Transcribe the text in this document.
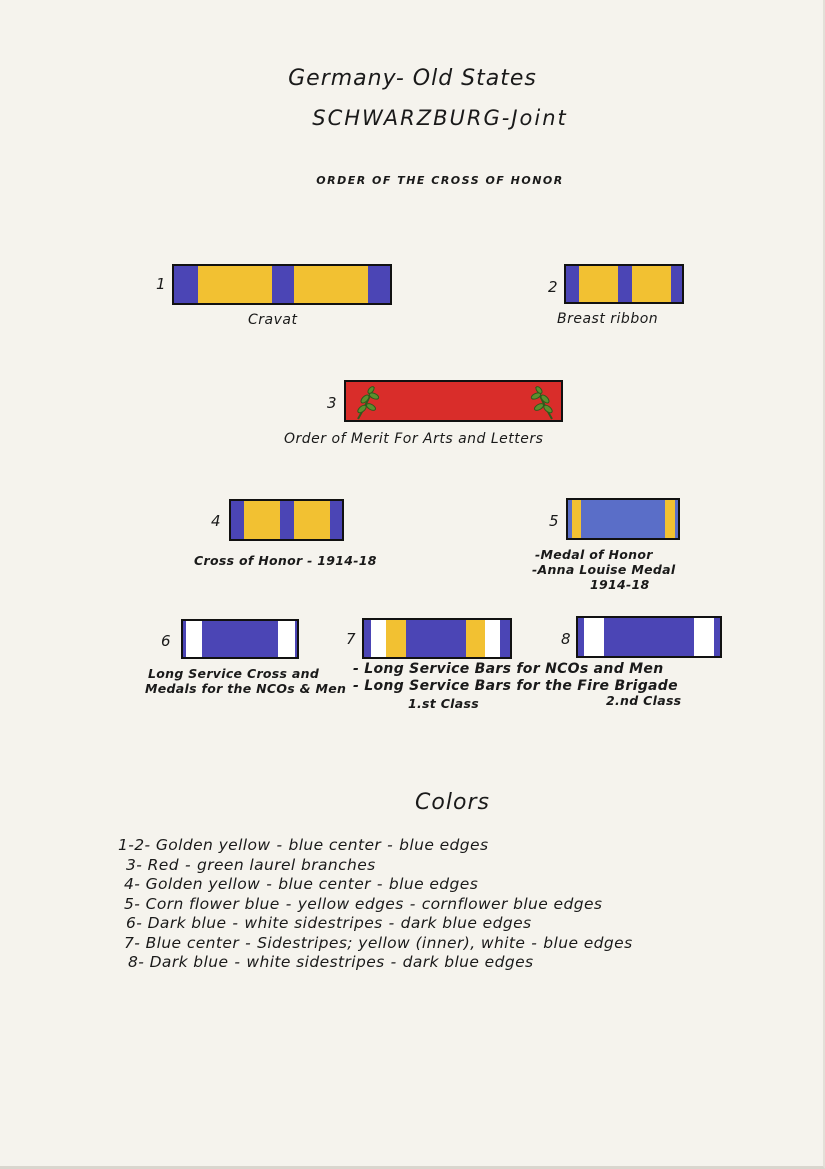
Germany- Old States
SCHWARZBURG-Joint
ORDER OF THE CROSS OF HONOR
1
Cravat
2
Breast ribbon
3
Order of Merit For Arts and Letters
4
Cross of Honor - 1914-18
5
-Medal of Honor
-Anna Louise Medal
1914-18
6
Long Service Cross and
Medals for the NCOs & Men
7
- Long Service Bars for NCOs and Men
- Long Service Bars for the Fire Brigade
1.st Class	2.nd Class
8
Colors
1-2- Golden yellow - blue center - blue edges
3- Red - green laurel branches
4- Golden yellow - blue center - blue edges
5- Corn flower blue - yellow edges - cornflower blue edges
6- Dark blue - white sidestripes - dark blue edges
7- Blue center - Sidestripes; yellow (inner), white - blue edges
8- Dark blue - white sidestripes - dark blue edges
